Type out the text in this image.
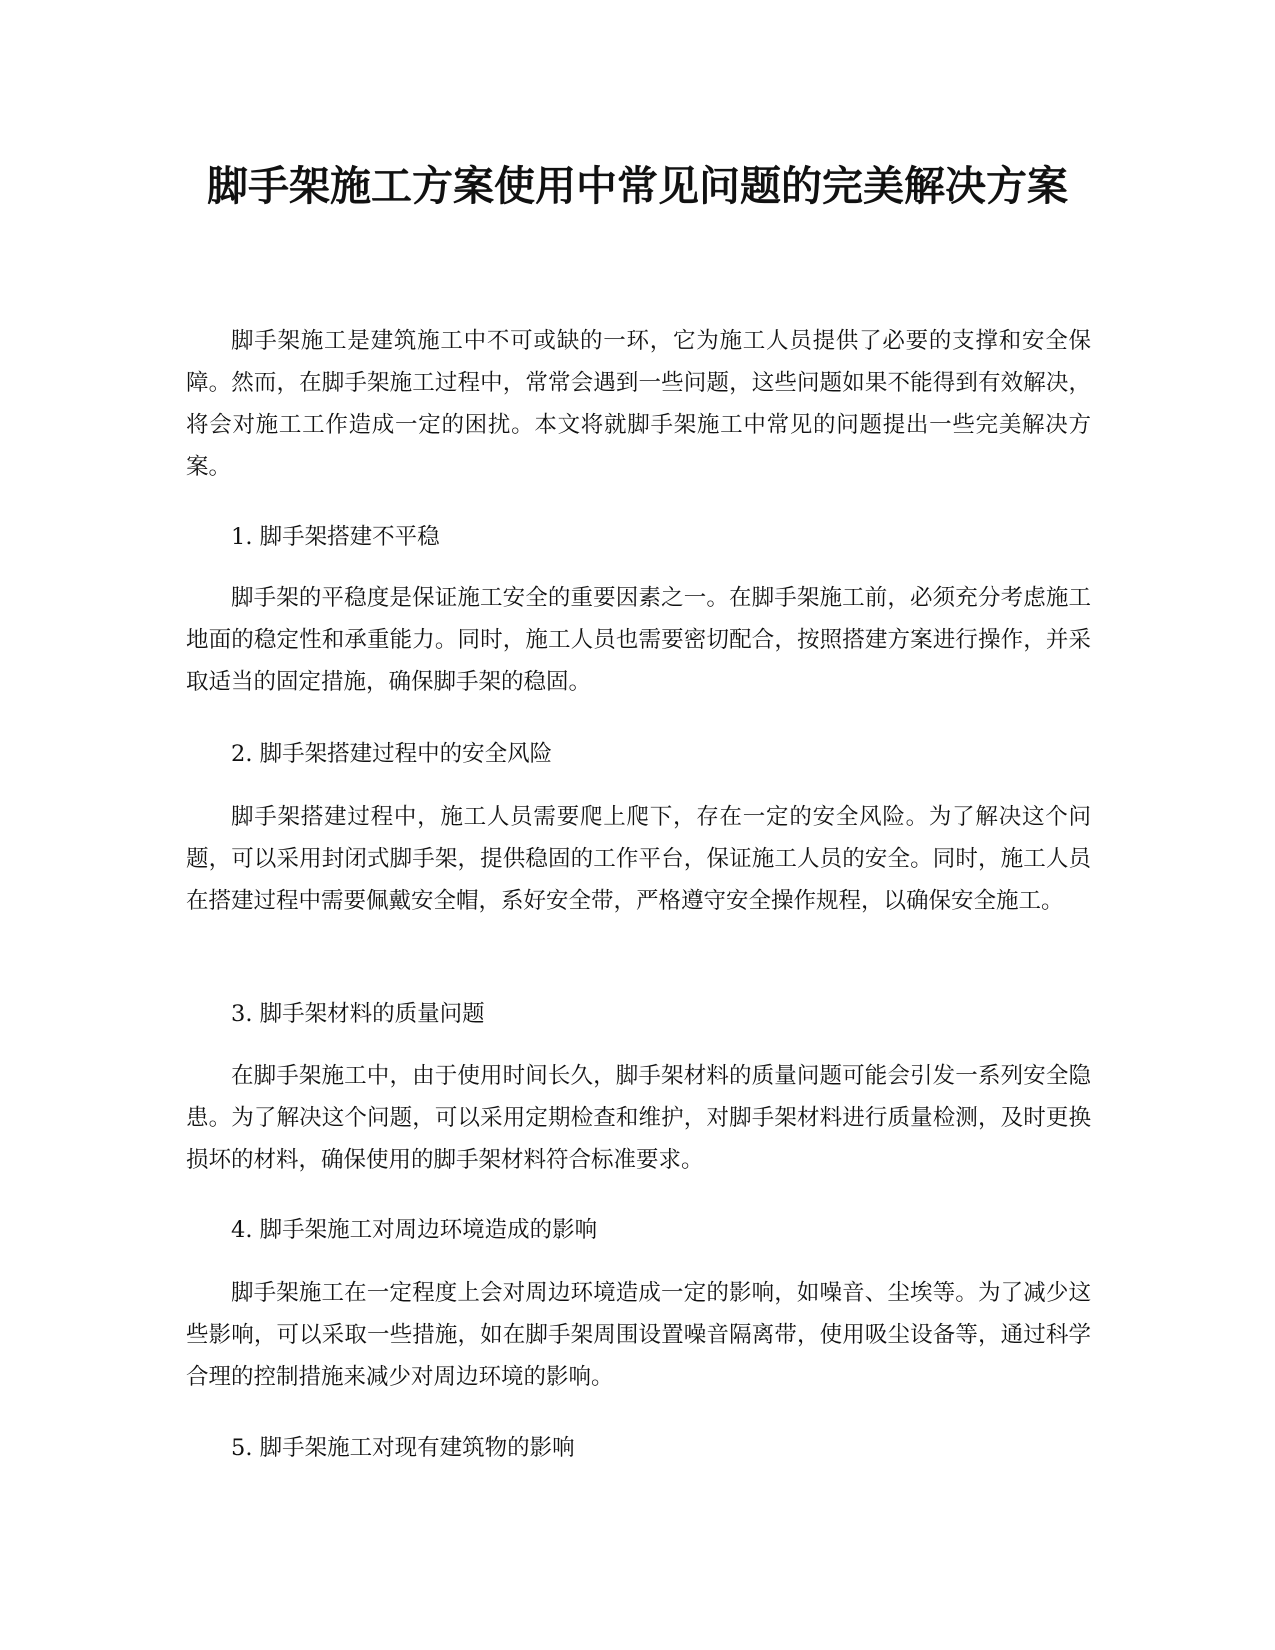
脚手架施工方案使用中常见问题的完美解决方案

脚手架施工是建筑施工中不可或缺的一环，它为施工人员提供了必要的支撑和安全保障。然而，在脚手架施工过程中，常常会遇到一些问题，这些问题如果不能得到有效解决，将会对施工工作造成一定的困扰。本文将就脚手架施工中常见的问题提出一些完美解决方案。

1. 脚手架搭建不平稳

脚手架的平稳度是保证施工安全的重要因素之一。在脚手架施工前，必须充分考虑施工地面的稳定性和承重能力。同时，施工人员也需要密切配合，按照搭建方案进行操作，并采取适当的固定措施，确保脚手架的稳固。

2. 脚手架搭建过程中的安全风险

脚手架搭建过程中，施工人员需要爬上爬下，存在一定的安全风险。为了解决这个问题，可以采用封闭式脚手架，提供稳固的工作平台，保证施工人员的安全。同时，施工人员在搭建过程中需要佩戴安全帽，系好安全带，严格遵守安全操作规程，以确保安全施工。

3. 脚手架材料的质量问题

在脚手架施工中，由于使用时间长久，脚手架材料的质量问题可能会引发一系列安全隐患。为了解决这个问题，可以采用定期检查和维护，对脚手架材料进行质量检测，及时更换损坏的材料，确保使用的脚手架材料符合标准要求。

4. 脚手架施工对周边环境造成的影响

脚手架施工在一定程度上会对周边环境造成一定的影响，如噪音、尘埃等。为了减少这些影响，可以采取一些措施，如在脚手架周围设置噪音隔离带，使用吸尘设备等，通过科学合理的控制措施来减少对周边环境的影响。

5. 脚手架施工对现有建筑物的影响
